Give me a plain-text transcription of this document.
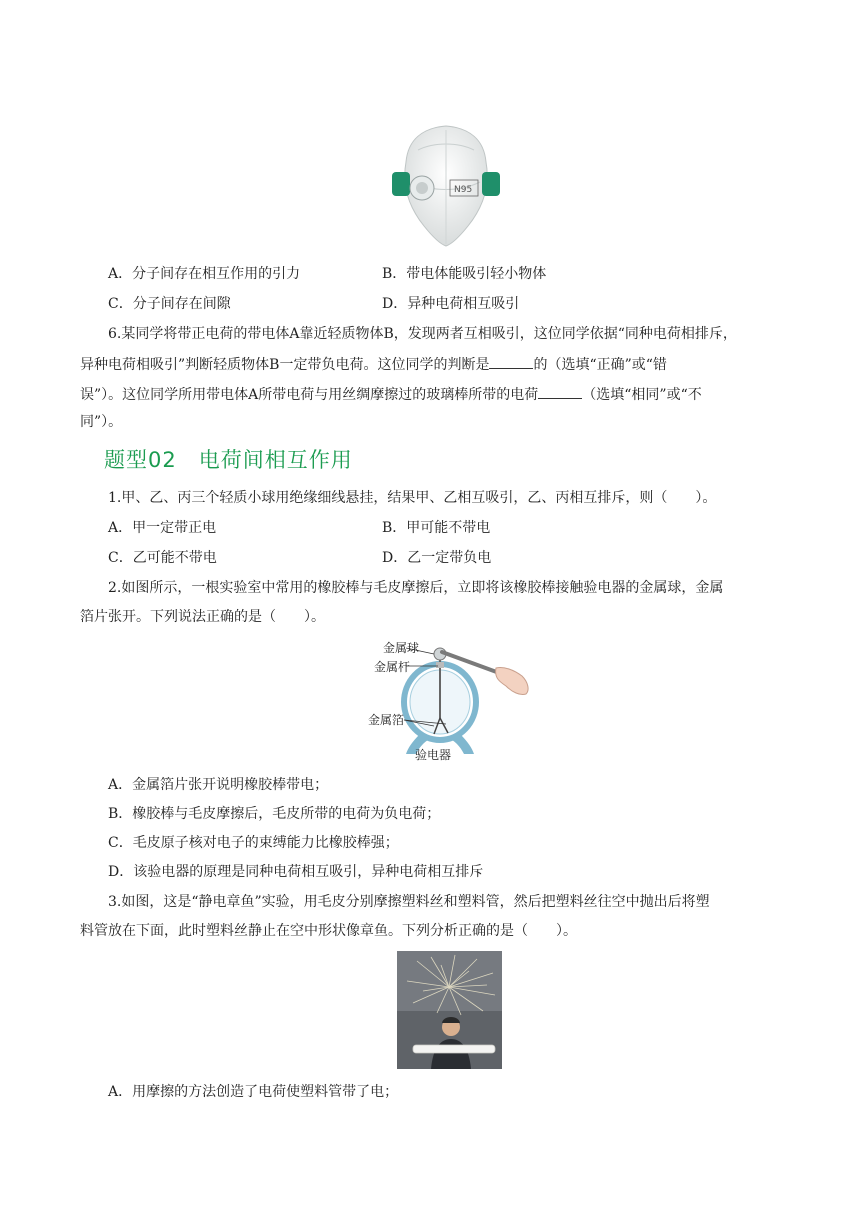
N95
A．分子间存在相互作用的引力	B．带电体能吸引轻小物体
C．分子间存在间隙	D．异种电荷相互吸引
6.某同学将带正电荷的带电体A靠近轻质物体B，发现两者互相吸引，这位同学依据“同种电荷相排斥，
异种电荷相吸引”判断轻质物体B一定带负电荷。这位同学的判断是	的（选填“正确”或“错
误”）。这位同学所用带电体A所带电荷与用丝绸摩擦过的玻璃棒所带的电荷	（选填“相同”或“不
同”）。
题型02　电荷间相互作用
1.甲、乙、丙三个轻质小球用绝缘细线悬挂，结果甲、乙相互吸引，乙、丙相互排斥，则（　　）。
A．甲一定带正电	B．甲可能不带电
C．乙可能不带电	D．乙一定带负电
2.如图所示，一根实验室中常用的橡胶棒与毛皮摩擦后，立即将该橡胶棒接触验电器的金属球，金属
箔片张开。下列说法正确的是（　　）。
金属球
金属杆
金属箔
验电器
A．金属箔片张开说明橡胶棒带电；
B．橡胶棒与毛皮摩擦后，毛皮所带的电荷为负电荷；
C．毛皮原子核对电子的束缚能力比橡胶棒强；
D．该验电器的原理是同种电荷相互吸引，异种电荷相互排斥
3.如图，这是“静电章鱼”实验，用毛皮分别摩擦塑料丝和塑料管，然后把塑料丝往空中抛出后将塑
料管放在下面，此时塑料丝静止在空中形状像章鱼。下列分析正确的是（　　）。
A．用摩擦的方法创造了电荷使塑料管带了电；
